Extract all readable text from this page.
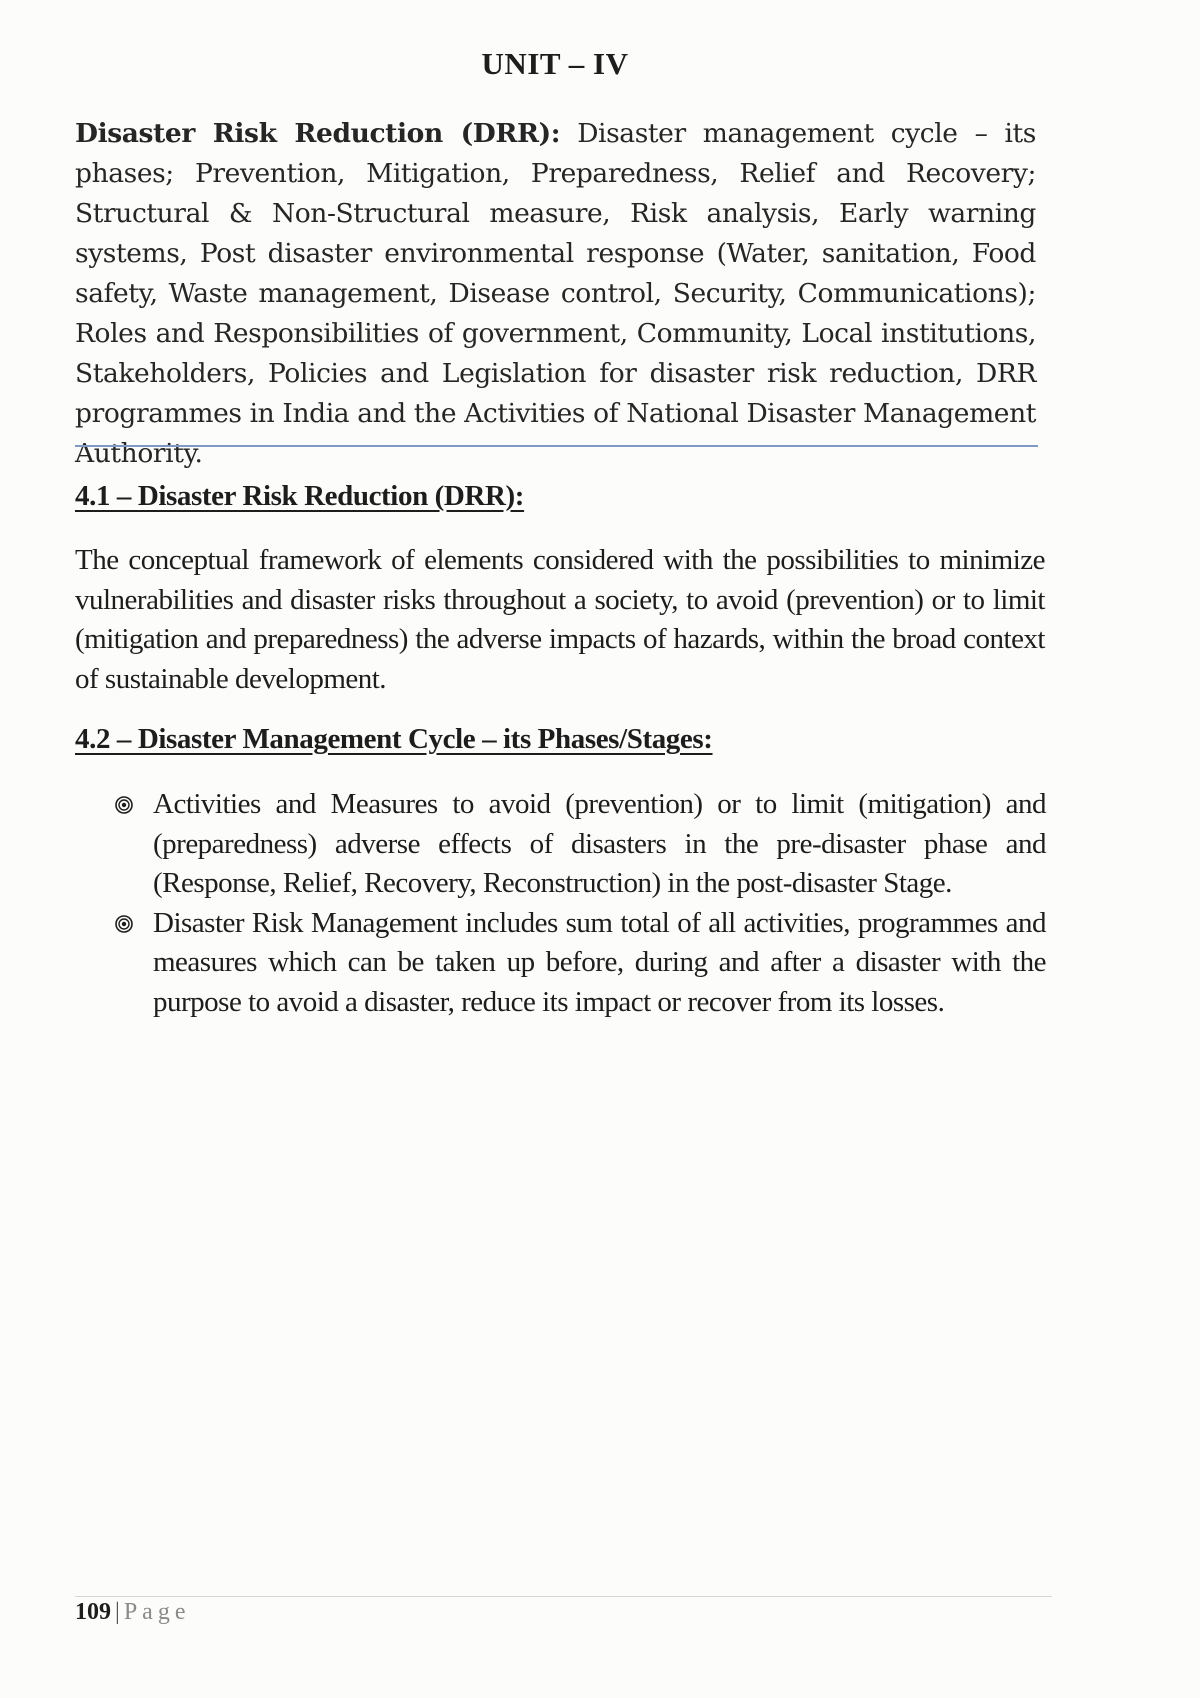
UNIT – IV
Disaster Risk Reduction (DRR): Disaster management cycle – its phases; Prevention, Mitigation, Preparedness, Relief and Recovery; Structural & Non-Structural measure, Risk analysis, Early warning systems, Post disaster environmental response (Water, sanitation, Food safety, Waste management, Disease control, Security, Communications); Roles and Responsibilities of government, Community, Local institutions, Stakeholders, Policies and Legislation for disaster risk reduction, DRR programmes in India and the Activities of National Disaster Management Authority.
4.1 – Disaster Risk Reduction (DRR):
The conceptual framework of elements considered with the possibilities to minimize vulnerabilities and disaster risks throughout a society, to avoid (prevention) or to limit (mitigation and preparedness) the adverse impacts of hazards, within the broad context of sustainable development.
4.2 – Disaster Management Cycle – its Phases/Stages:
Activities and Measures to avoid (prevention) or to limit (mitigation) and (preparedness) adverse effects of disasters in the pre-disaster phase and (Response, Relief, Recovery, Reconstruction) in the post-disaster Stage.
Disaster Risk Management includes sum total of all activities, programmes and measures which can be taken up before, during and after a disaster with the purpose to avoid a disaster, reduce its impact or recover from its losses.
109 | Page
